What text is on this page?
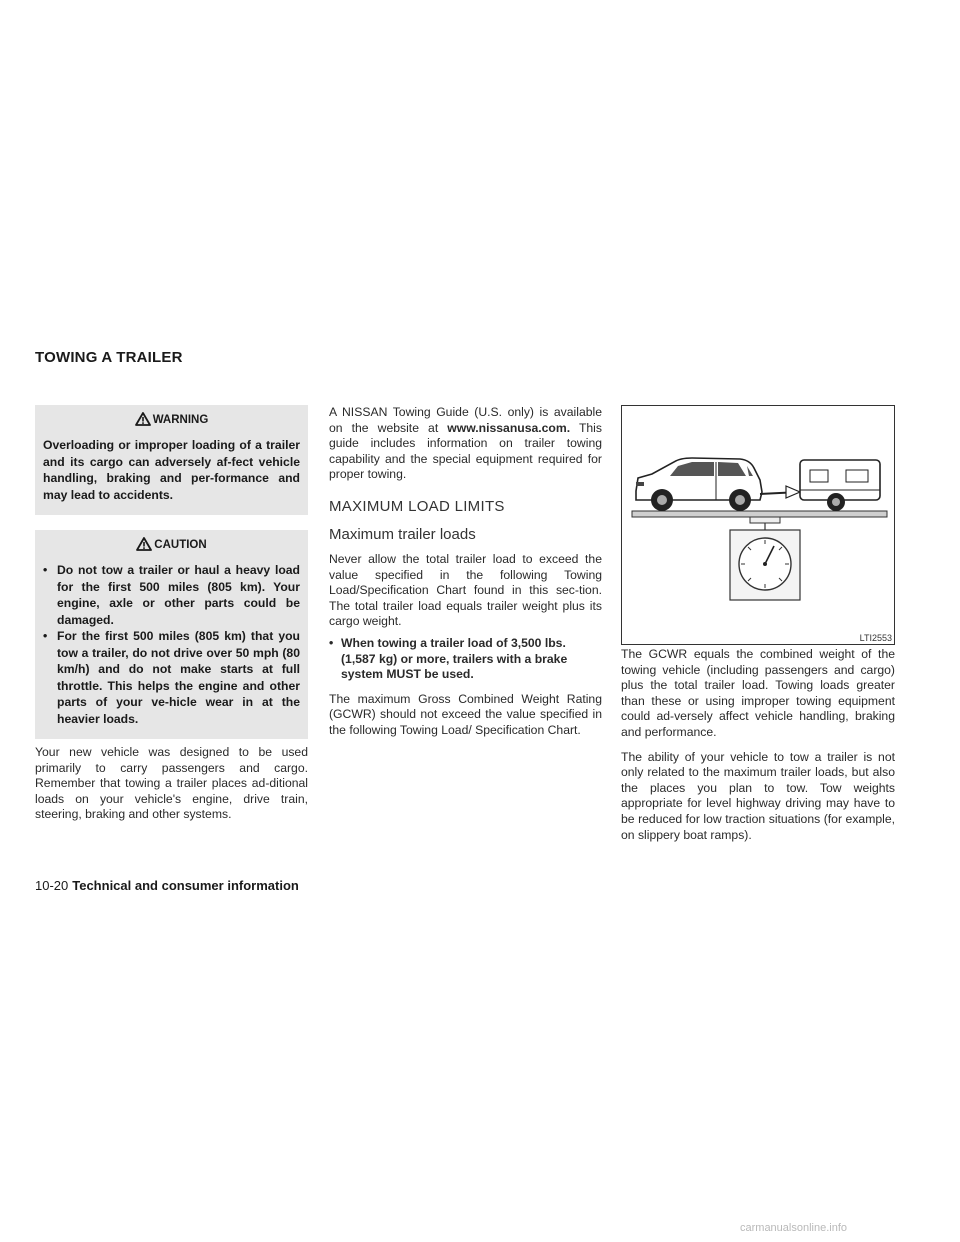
TOWING A TRAILER
WARNING
Overloading or improper loading of a trailer and its cargo can adversely af-fect vehicle handling, braking and per-formance and may lead to accidents.
CAUTION
• Do not tow a trailer or haul a heavy load for the first 500 miles (805 km). Your engine, axle or other parts could be damaged.
• For the first 500 miles (805 km) that you tow a trailer, do not drive over 50 mph (80 km/h) and do not make starts at full throttle. This helps the engine and other parts of your ve-hicle wear in at the heavier loads.

Your new vehicle was designed to be used primarily to carry passengers and cargo. Remember that towing a trailer places ad-ditional loads on your vehicle's engine, drive train, steering, braking and other systems.

A NISSAN Towing Guide (U.S. only) is available on the website at www.nissanusa.com. This guide includes information on trailer towing capability and the special equipment required for proper towing.

MAXIMUM LOAD LIMITS
Maximum trailer loads

Never allow the total trailer load to exceed the value specified in the following Towing Load/Specification Chart found in this sec-tion. The total trailer load equals trailer weight plus its cargo weight.

• When towing a trailer load of 3,500 lbs. (1,587 kg) or more, trailers with a brake system MUST be used.

The maximum Gross Combined Weight Rating (GCWR) should not exceed the value specified in the following Towing Load/ Specification Chart.

LTI2553

The GCWR equals the combined weight of the towing vehicle (including passengers and cargo) plus the total trailer load. Towing loads greater than these or using improper towing equipment could ad-versely affect vehicle handling, braking and performance.

The ability of your vehicle to tow a trailer is not only related to the maximum trailer loads, but also the places you plan to tow. Tow weights appropriate for level highway driving may have to be reduced for low traction situations (for example, on slippery boat ramps).

10-20 Technical and consumer information
carmanualsonline.info
